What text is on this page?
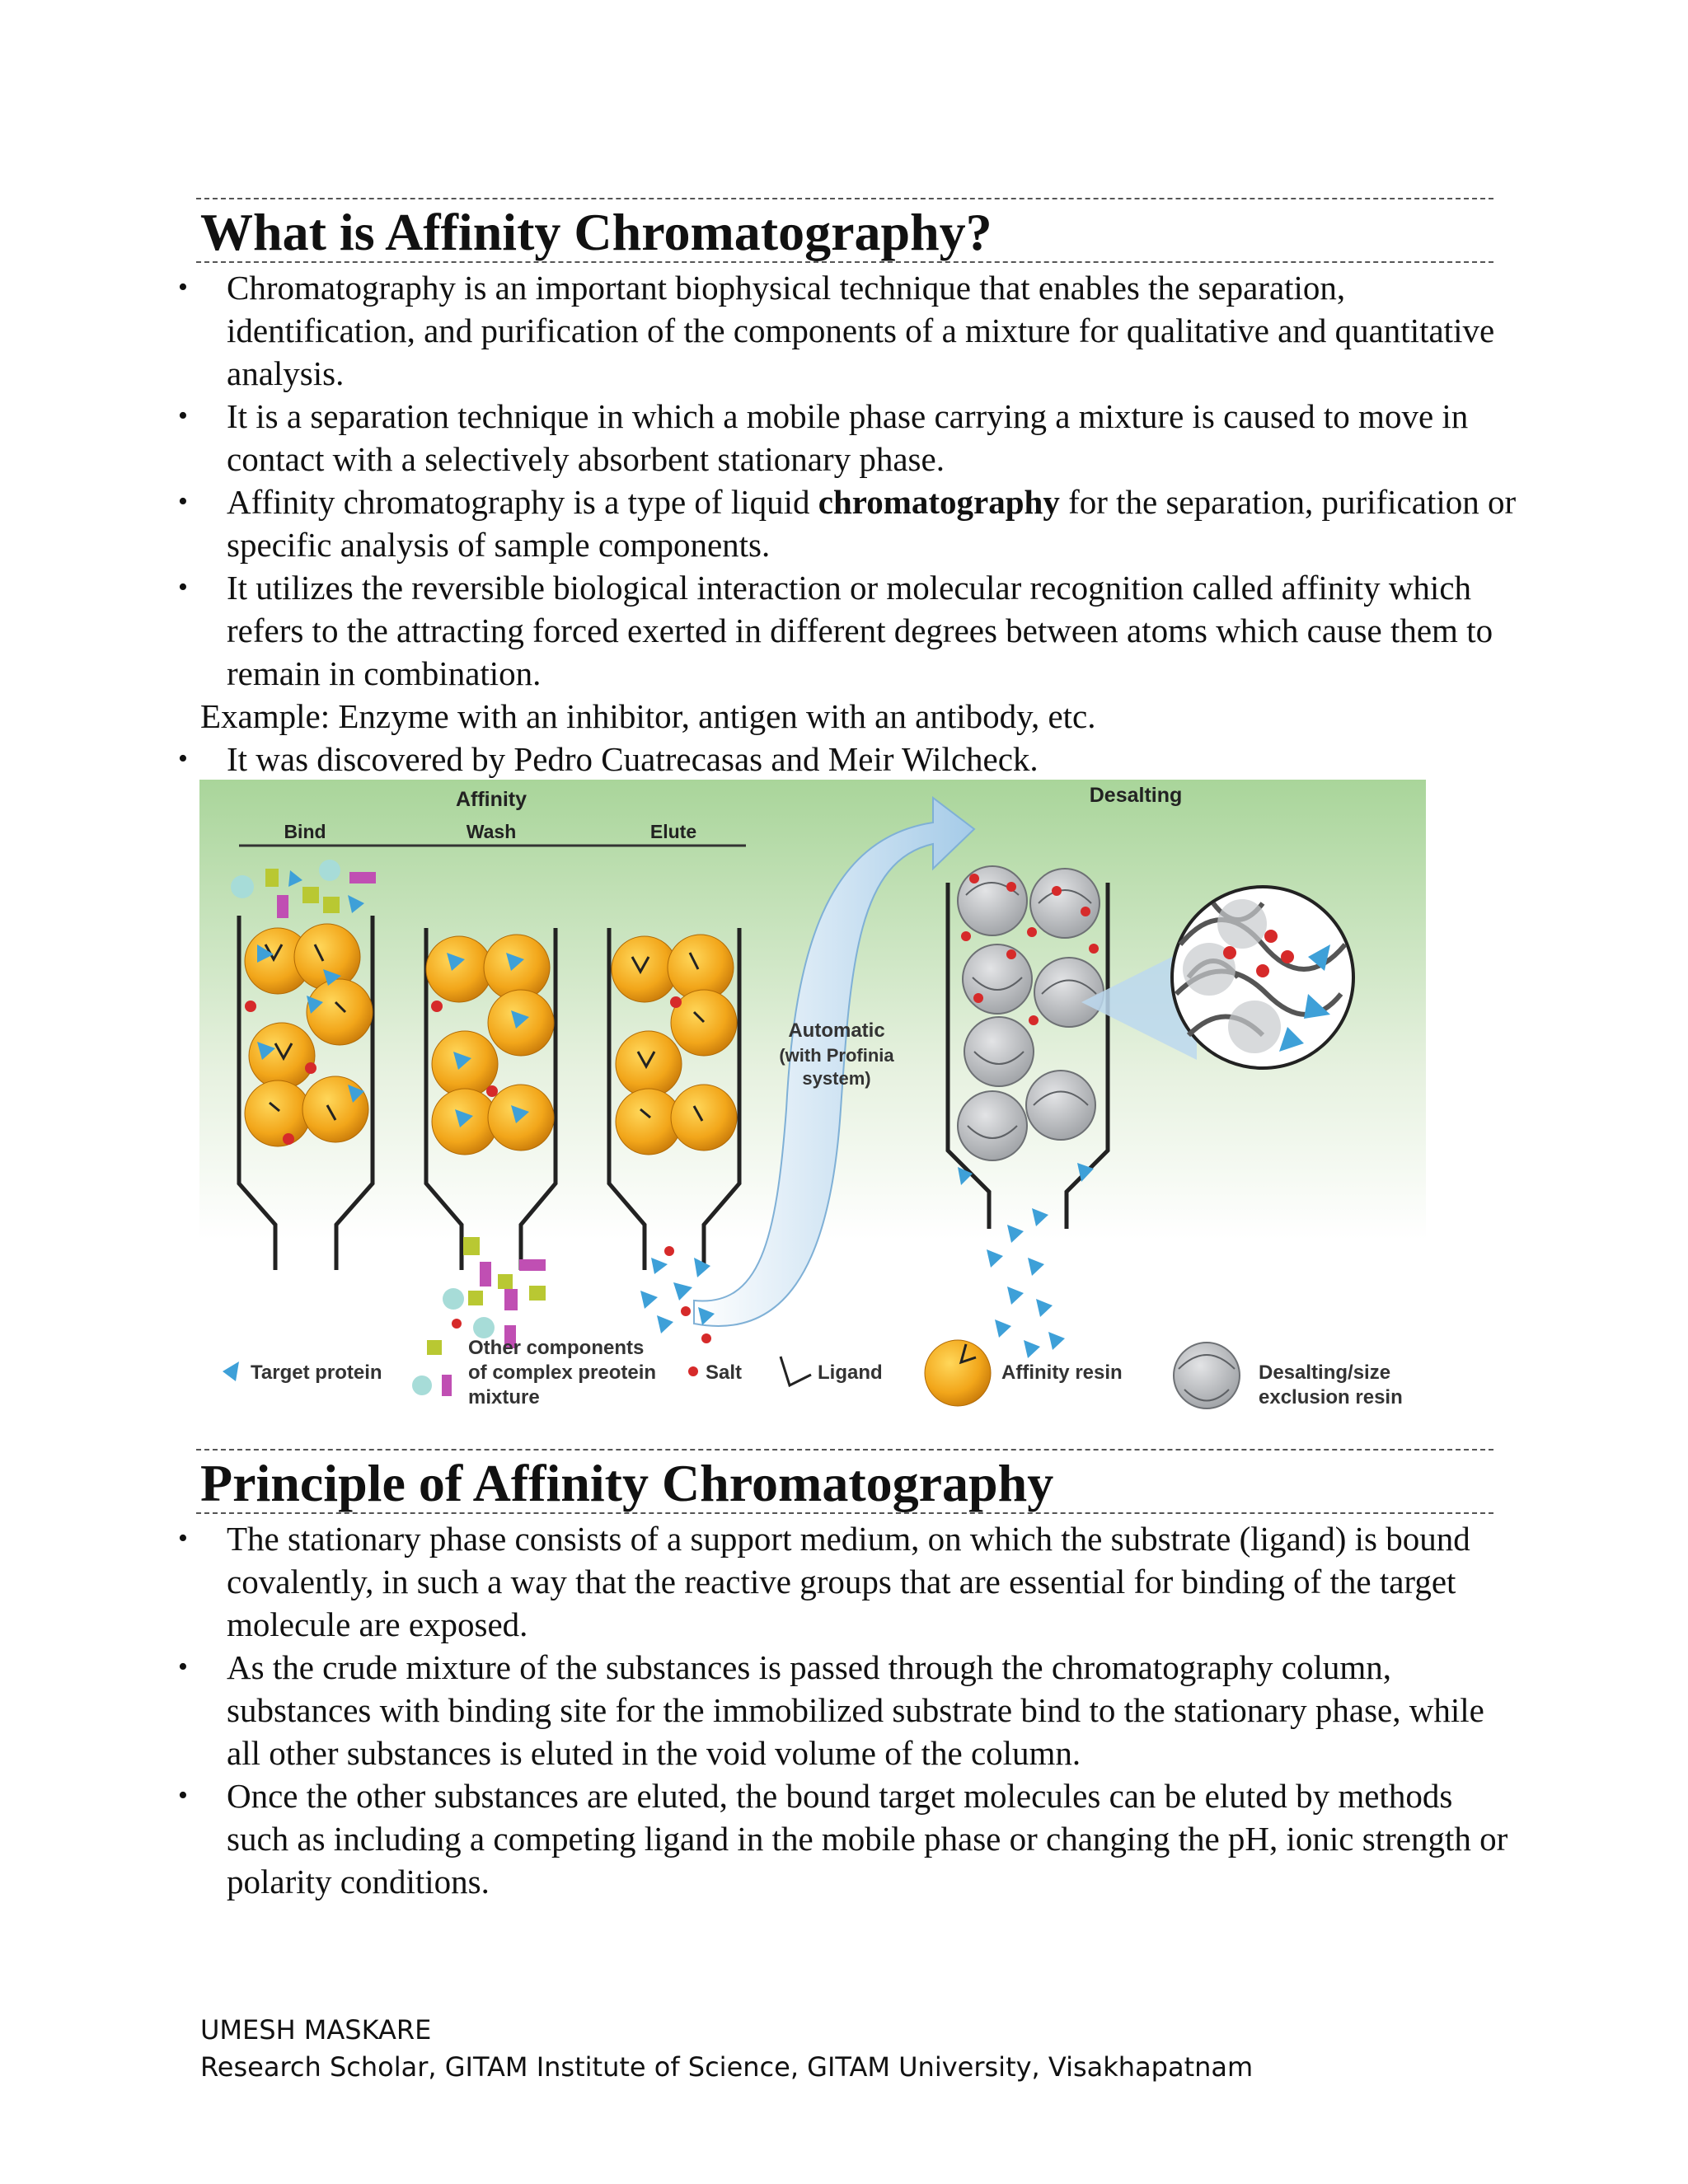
What is Affinity Chromatography?
• Chromatography is an important biophysical technique that enables the separation, identification, and purification of the components of a mixture for qualitative and quantitative analysis.
• It is a separation technique in which a mobile phase carrying a mixture is caused to move in contact with a selectively absorbent stationary phase.
• Affinity chromatography is a type of liquid chromatography for the separation, purification or specific analysis of sample components.
• It utilizes the reversible biological interaction or molecular recognition called affinity which refers to the attracting forced exerted in different degrees between atoms which cause them to remain in combination.
Example: Enzyme with an inhibitor, antigen with an antibody, etc.
• It was discovered by Pedro Cuatrecasas and Meir Wilcheck.
Affinity
Bind	Wash	Elute
Desalting
Automatic
(with Profinia
system)
Target protein
Other components
of complex preotein
mixture
Salt	Ligand	Affinity resin	Desalting/size
exclusion resin
Principle of Affinity Chromatography
• The stationary phase consists of a support medium, on which the substrate (ligand) is bound covalently, in such a way that the reactive groups that are essential for binding of the target molecule are exposed.
• As the crude mixture of the substances is passed through the chromatography column, substances with binding site for the immobilized substrate bind to the stationary phase, while all other substances is eluted in the void volume of the column.
• Once the other substances are eluted, the bound target molecules can be eluted by methods such as including a competing ligand in the mobile phase or changing the pH, ionic strength or polarity conditions.
UMESH MASKARE
Research Scholar, GITAM Institute of Science, GITAM University, Visakhapatnam
